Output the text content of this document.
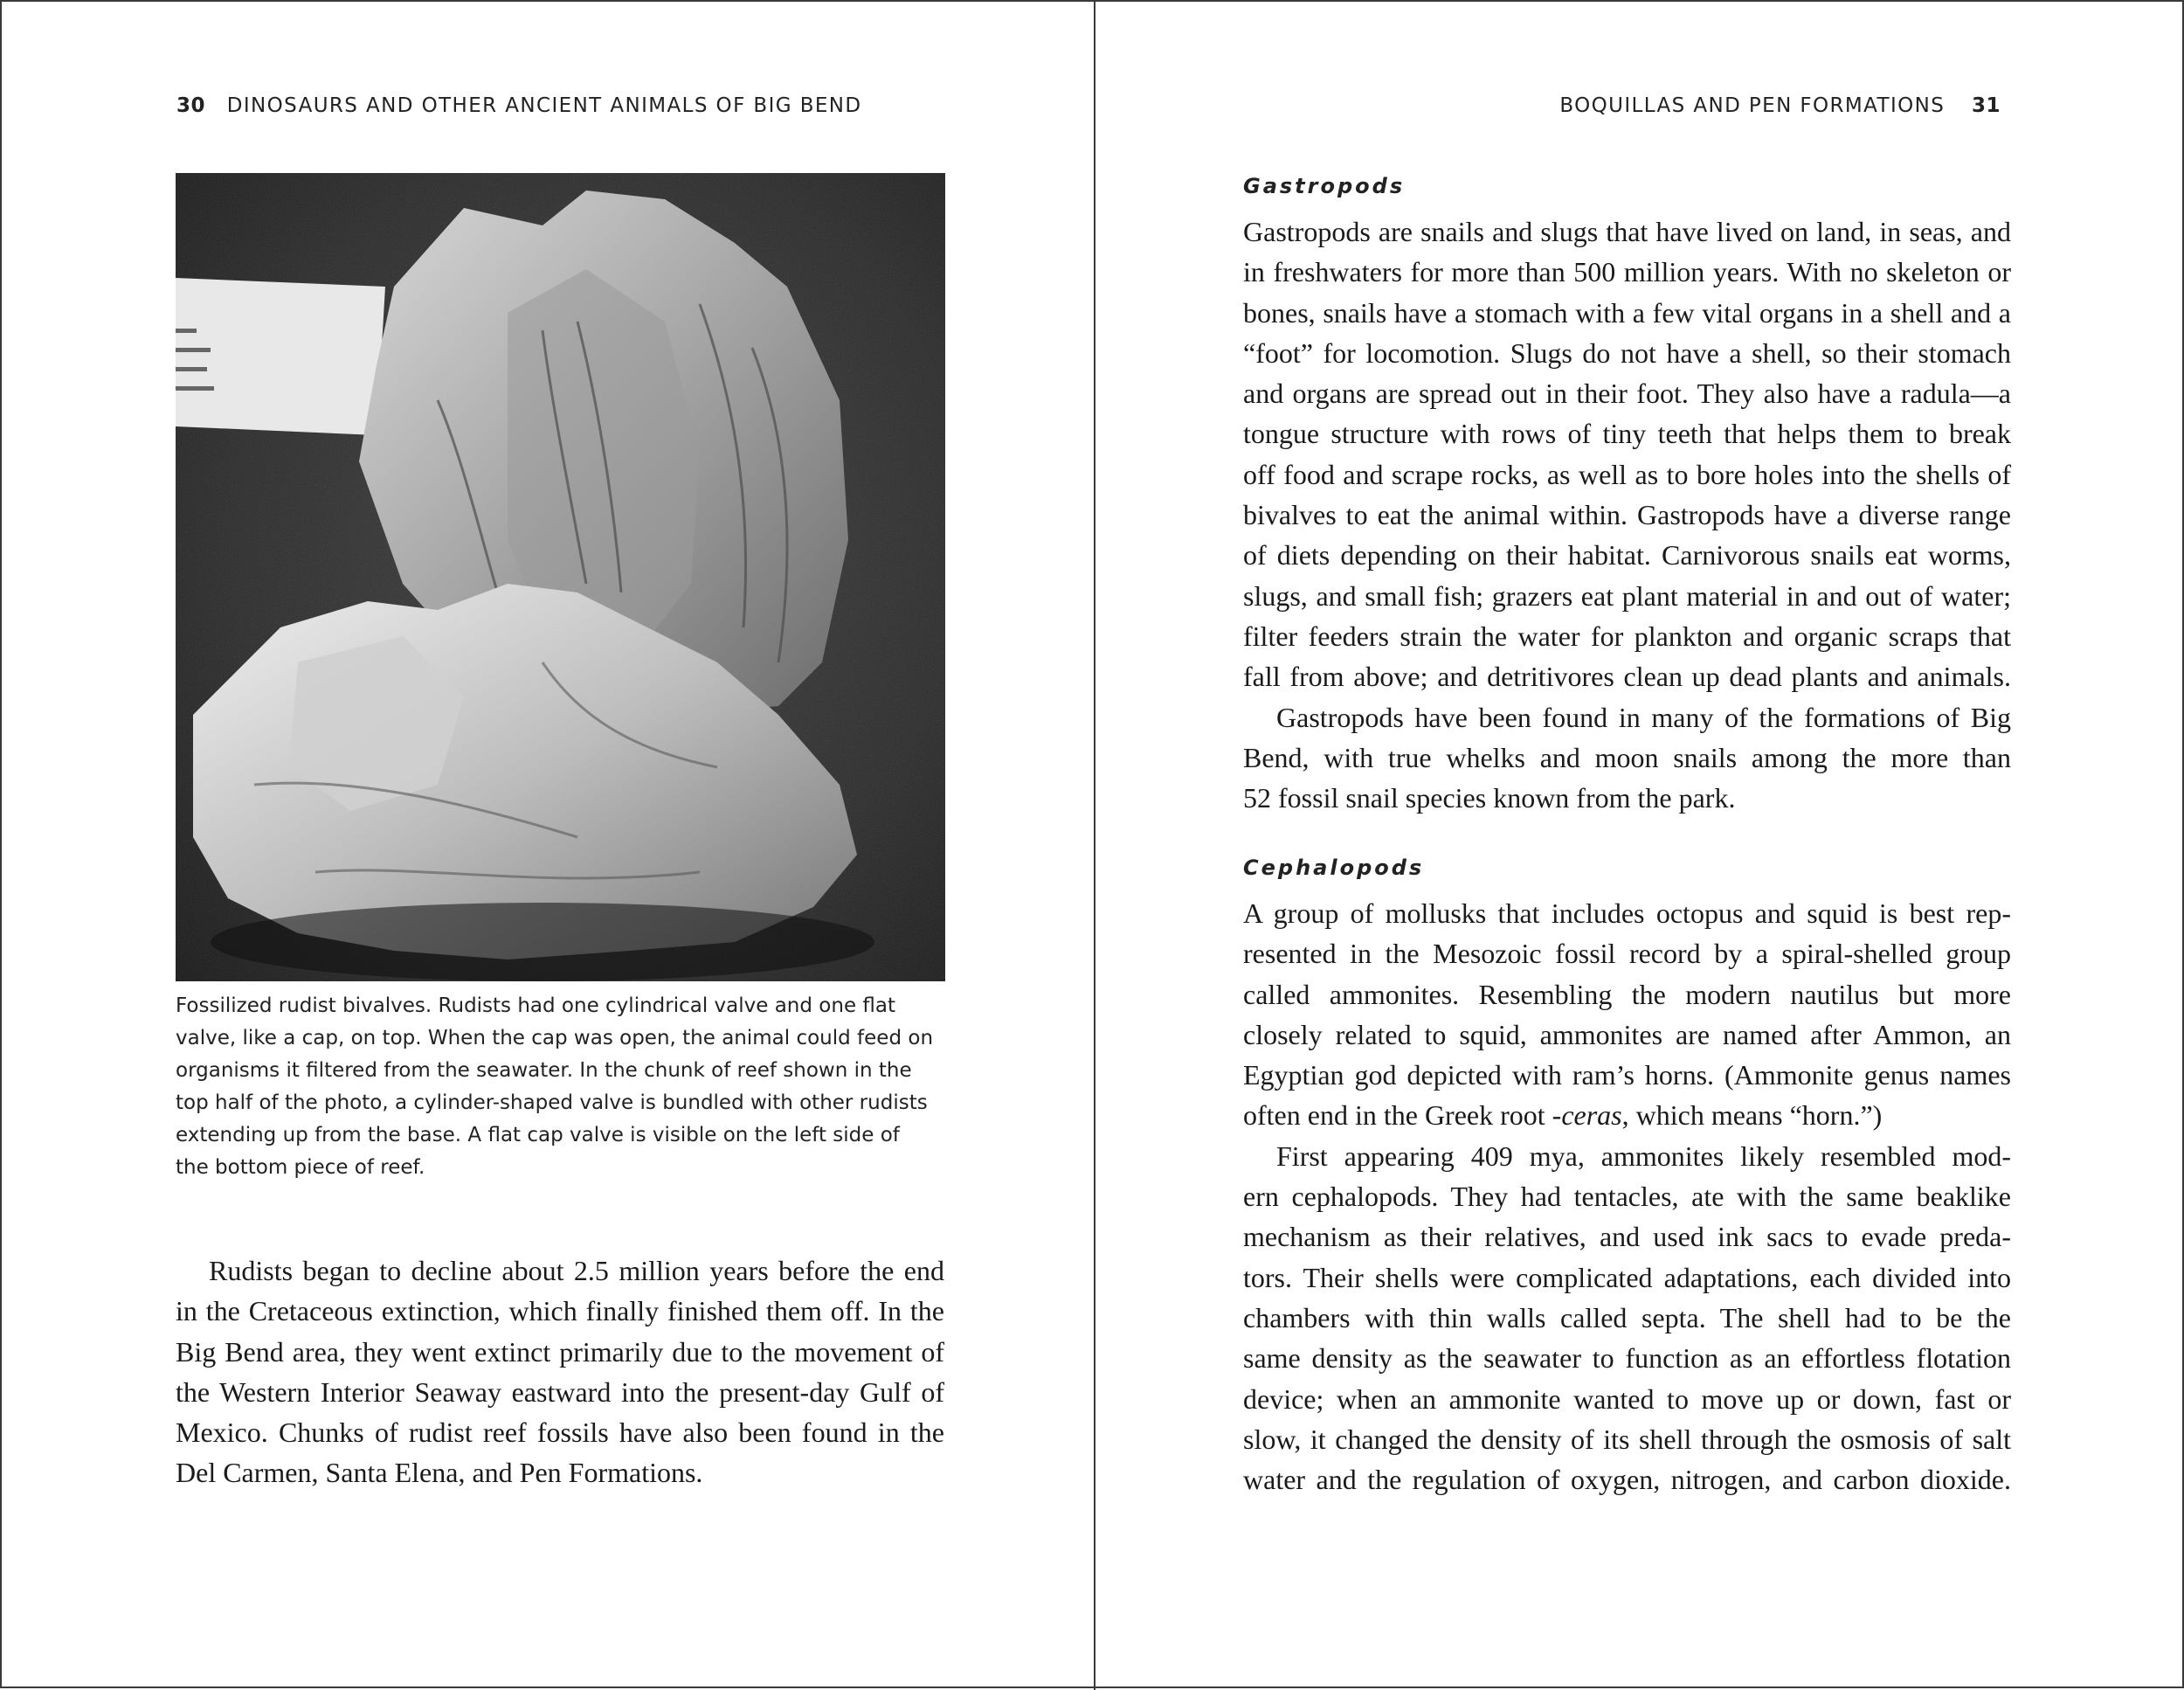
30 DINOSAURS AND OTHER ANCIENT ANIMALS OF BIG BEND
Fossilized rudist bivalves. Rudists had one cylindrical valve and one flat
valve, like a cap, on top. When the cap was open, the animal could feed on
organisms it filtered from the seawater. In the chunk of reef shown in the
top half of the photo, a cylinder-shaped valve is bundled with other rudists
extending up from the base. A flat cap valve is visible on the left side of
the bottom piece of reef.
Rudists began to decline about 2.5 million years before the end
in the Cretaceous extinction, which finally finished them off. In the
Big Bend area, they went extinct primarily due to the movement of
the Western Interior Seaway eastward into the present-day Gulf of
Mexico. Chunks of rudist reef fossils have also been found in the
Del Carmen, Santa Elena, and Pen Formations.
BOQUILLAS AND PEN FORMATIONS 31
Gastropods
Gastropods are snails and slugs that have lived on land, in seas, and
in freshwaters for more than 500 million years. With no skeleton or
bones, snails have a stomach with a few vital organs in a shell and a
“foot” for locomotion. Slugs do not have a shell, so their stomach
and organs are spread out in their foot. They also have a radula—a
tongue structure with rows of tiny teeth that helps them to break
off food and scrape rocks, as well as to bore holes into the shells of
bivalves to eat the animal within. Gastropods have a diverse range
of diets depending on their habitat. Carnivorous snails eat worms,
slugs, and small fish; grazers eat plant material in and out of water;
filter feeders strain the water for plankton and organic scraps that
fall from above; and detritivores clean up dead plants and animals.
Gastropods have been found in many of the formations of Big
Bend, with true whelks and moon snails among the more than
52 fossil snail species known from the park.
Cephalopods
A group of mollusks that includes octopus and squid is best rep-
resented in the Mesozoic fossil record by a spiral-shelled group
called ammonites. Resembling the modern nautilus but more
closely related to squid, ammonites are named after Ammon, an
Egyptian god depicted with ram’s horns. (Ammonite genus names
often end in the Greek root -ceras, which means “horn.”)
First appearing 409 mya, ammonites likely resembled mod-
ern cephalopods. They had tentacles, ate with the same beaklike
mechanism as their relatives, and used ink sacs to evade preda-
tors. Their shells were complicated adaptations, each divided into
chambers with thin walls called septa. The shell had to be the
same density as the seawater to function as an effortless flotation
device; when an ammonite wanted to move up or down, fast or
slow, it changed the density of its shell through the osmosis of salt
water and the regulation of oxygen, nitrogen, and carbon dioxide.
